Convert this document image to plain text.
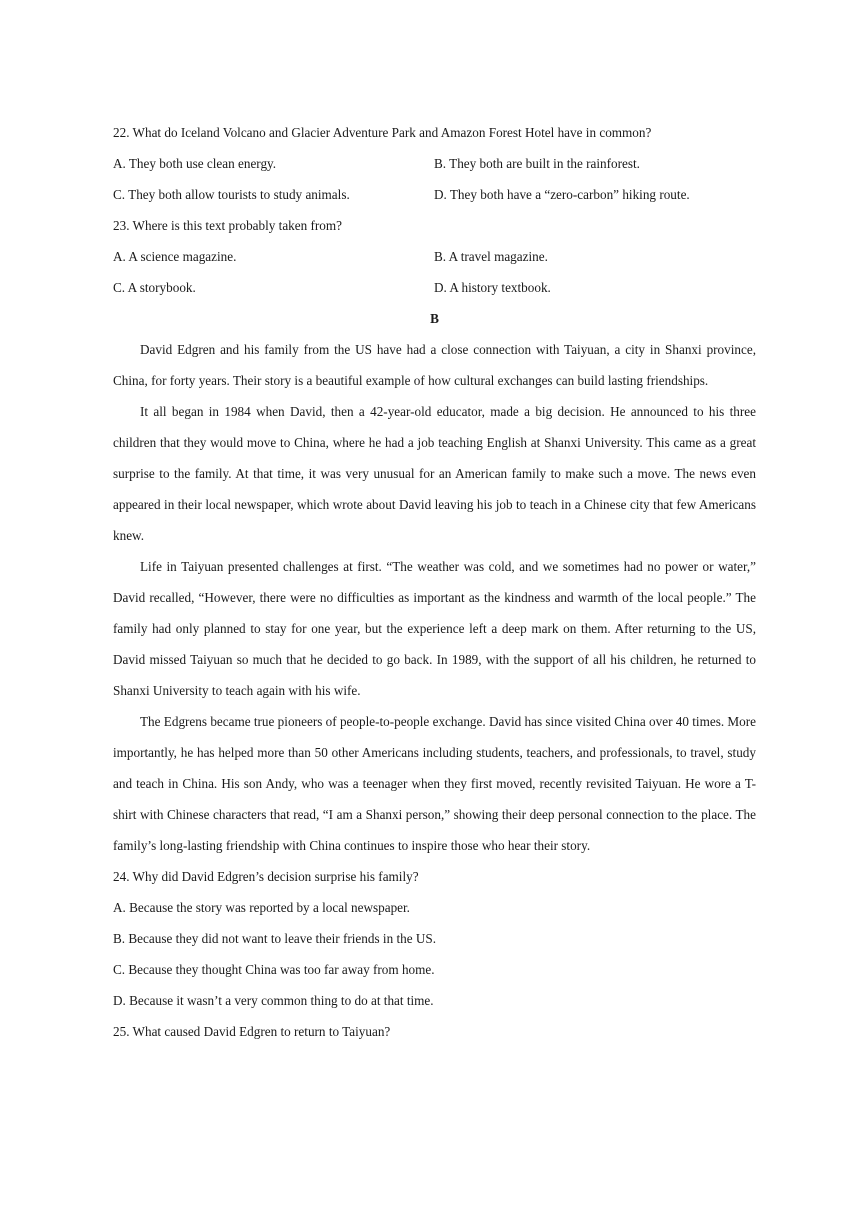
22. What do Iceland Volcano and Glacier Adventure Park and Amazon Forest Hotel have in common?

A. They both use clean energy.	B. They both are built in the rainforest.
C. They both allow tourists to study animals.	D. They both have a “zero-carbon” hiking route.

23. Where is this text probably taken from?

A. A science magazine.	B. A travel magazine.
C. A storybook.	D. A history textbook.

B

David Edgren and his family from the US have had a close connection with Taiyuan, a city in Shanxi province, China, for forty years. Their story is a beautiful example of how cultural exchanges can build lasting friendships.

It all began in 1984 when David, then a 42-year-old educator, made a big decision. He announced to his three children that they would move to China, where he had a job teaching English at Shanxi University. This came as a great surprise to the family. At that time, it was very unusual for an American family to make such a move. The news even appeared in their local newspaper, which wrote about David leaving his job to teach in a Chinese city that few Americans knew.

Life in Taiyuan presented challenges at first. “The weather was cold, and we sometimes had no power or water,” David recalled, “However, there were no difficulties as important as the kindness and warmth of the local people.” The family had only planned to stay for one year, but the experience left a deep mark on them. After returning to the US, David missed Taiyuan so much that he decided to go back. In 1989, with the support of all his children, he returned to Shanxi University to teach again with his wife.

The Edgrens became true pioneers of people-to-people exchange. David has since visited China over 40 times. More importantly, he has helped more than 50 other Americans including students, teachers, and professionals, to travel, study and teach in China. His son Andy, who was a teenager when they first moved, recently revisited Taiyuan. He wore a T-shirt with Chinese characters that read, “I am a Shanxi person,” showing their deep personal connection to the place. The family’s long-lasting friendship with China continues to inspire those who hear their story.

24. Why did David Edgren’s decision surprise his family?

A. Because the story was reported by a local newspaper.

B. Because they did not want to leave their friends in the US.

C. Because they thought China was too far away from home.

D. Because it wasn’t a very common thing to do at that time.

25. What caused David Edgren to return to Taiyuan?
